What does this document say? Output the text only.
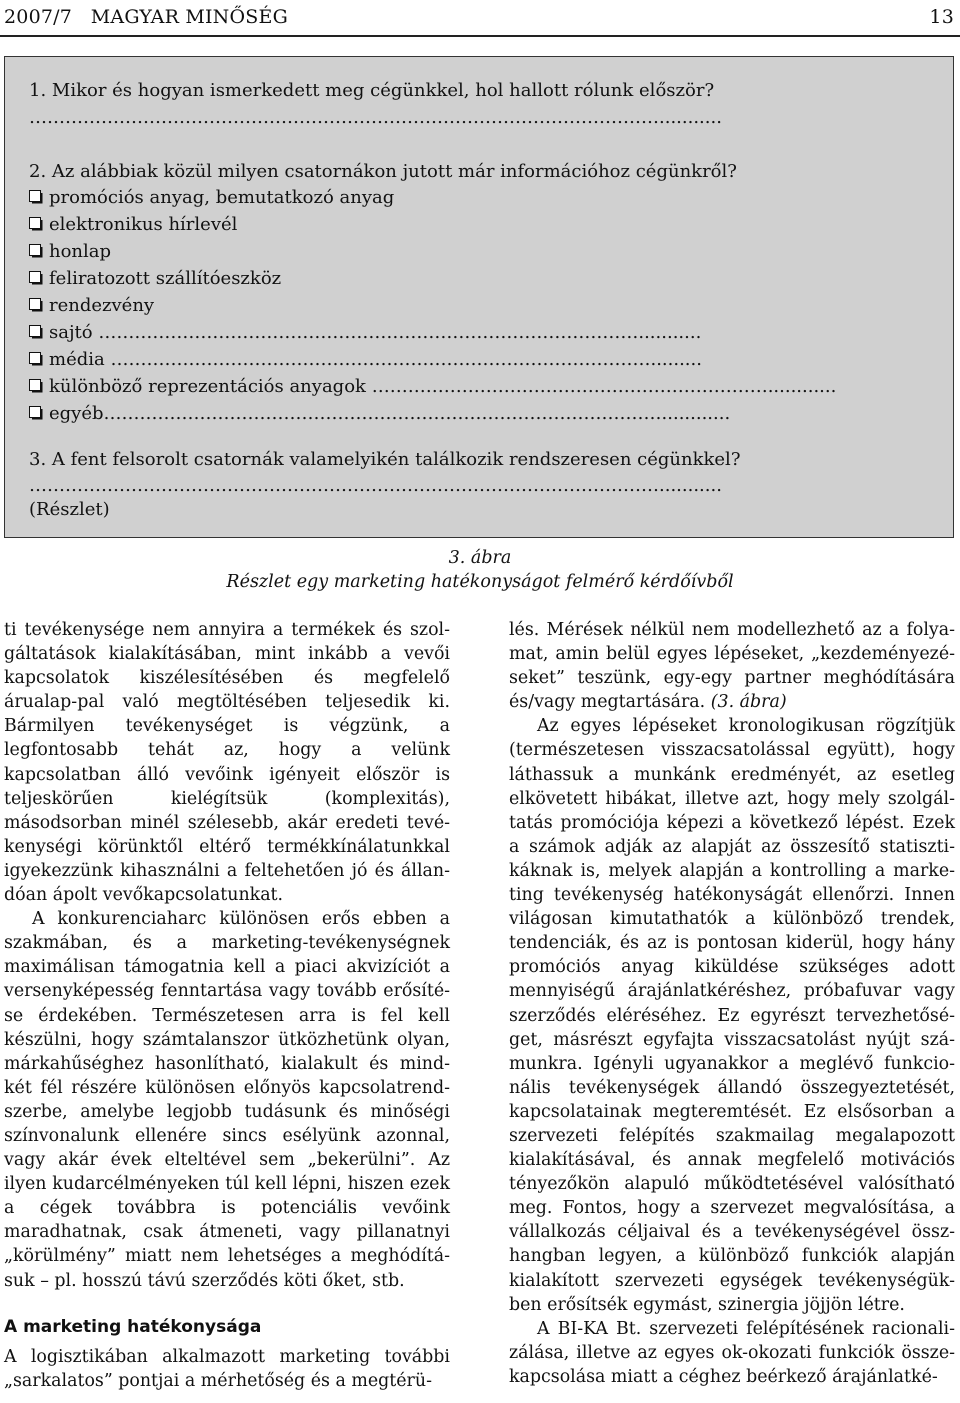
2007/7   MAGYAR MINŐSÉG	13
1. Mikor és hogyan ismerkedett meg cégünkkel, hol hallott rólunk először?
……………………………………………………………………………………………...........
2. Az alábbiak közül milyen csatornákon jutott már információhoz cégünkről?
promóciós anyag, bemutatkozó anyag
elektronikus hírlevél
honlap
feliratozott szállítóeszköz
rendezvény
sajtó ………………………………………………………………………………...........
média ……………………………………………………………………………….........
különböző reprezentációs anyagok …………………………………………………………............
egyéb…………………………………………………………………………………............
3. A fent felsorolt csatornák valamelyikén találkozik rendszeresen cégünkkel?
……………………………………………………………………………………………...........
(Részlet)
3. ábra
Részlet egy marketing hatékonyságot felmérő kérdőívből

ti tevékenysége nem annyira a termékek és szol-gáltatások kialakításában, mint inkább a vevői kapcsolatok kiszélesítésében és megfelelő árualap-pal való megtöltésében teljesedik ki. Bármilyen tevékenységet is végzünk, a legfontosabb tehát az, hogy a velünk kapcsolatban álló vevőink igényeit először is teljeskörűen kielégítsük (komplexitás), másodsorban minél szélesebb, akár eredeti tevé-kenységi körünktől eltérő termékkínálatunkkal igyekezzünk kihasználni a feltehetően jó és állan-dóan ápolt vevőkapcsolatunkat.

A konkurenciaharc különösen erős ebben a szakmában, és a marketing-tevékenységnek maximálisan támogatnia kell a piaci akvizíciót a versenyképesség fenntartása vagy tovább erősíté-se érdekében. Természetesen arra is fel kell készülni, hogy számtalanszor ütközhetünk olyan, márkahűséghez hasonlítható, kialakult és mind-két fél részére különösen előnyös kapcsolatrend-szerbe, amelybe legjobb tudásunk és minőségi színvonalunk ellenére sincs esélyünk azonnal, vagy akár évek elteltével sem „bekerülni”. Az ilyen kudarcélményeken túl kell lépni, hiszen ezek a cégek továbbra is potenciális vevőink maradhatnak, csak átmeneti, vagy pillanatnyi „körülmény” miatt nem lehetséges a meghódítá-suk – pl. hosszú távú szerződés köti őket, stb.

A marketing hatékonysága

A logisztikában alkalmazott marketing további „sarkalatos” pontjai a mérhetőség és a megtérü-

lés. Mérések nélkül nem modellezhető az a folya-mat, amin belül egyes lépéseket, „kezdeményezé-seket” teszünk, egy-egy partner meghódítására és/vagy megtartására. (3. ábra)

Az egyes lépéseket kronologikusan rögzítjük (természetesen visszacsatolással együtt), hogy láthassuk a munkánk eredményét, az esetleg elkövetett hibákat, illetve azt, hogy mely szolgál-tatás promóciója képezi a következő lépést. Ezek a számok adják az alapját az összesítő statiszti-káknak is, melyek alapján a kontrolling a marke-ting tevékenység hatékonyságát ellenőrzi. Innen világosan kimutathatók a különböző trendek, tendenciák, és az is pontosan kiderül, hogy hány promóciós anyag kiküldése szükséges adott mennyiségű árajánlatkéréshez, próbafuvar vagy szerződés eléréséhez. Ez egyrészt tervezhetősé-get, másrészt egyfajta visszacsatolást nyújt szá-munkra. Igényli ugyanakkor a meglévő funkcio-nális tevékenységek állandó összegyeztetését, kapcsolatainak megteremtését. Ez elsősorban a szervezeti felépítés szakmailag megalapozott kialakításával, és annak megfelelő motivációs tényezőkön alapuló működtetésével valósítható meg. Fontos, hogy a szervezet megvalósítása, a vállalkozás céljaival és a tevékenységével össz-hangban legyen, a különböző funkciók alapján kialakított szervezeti egységek tevékenységük-ben erősítsék egymást, szinergia jöjjön létre.

A BI-KA Bt. szervezeti felépítésének racionali-zálása, illetve az egyes ok-okozati funkciók össze-kapcsolása miatt a céghez beérkező árajánlatké-
